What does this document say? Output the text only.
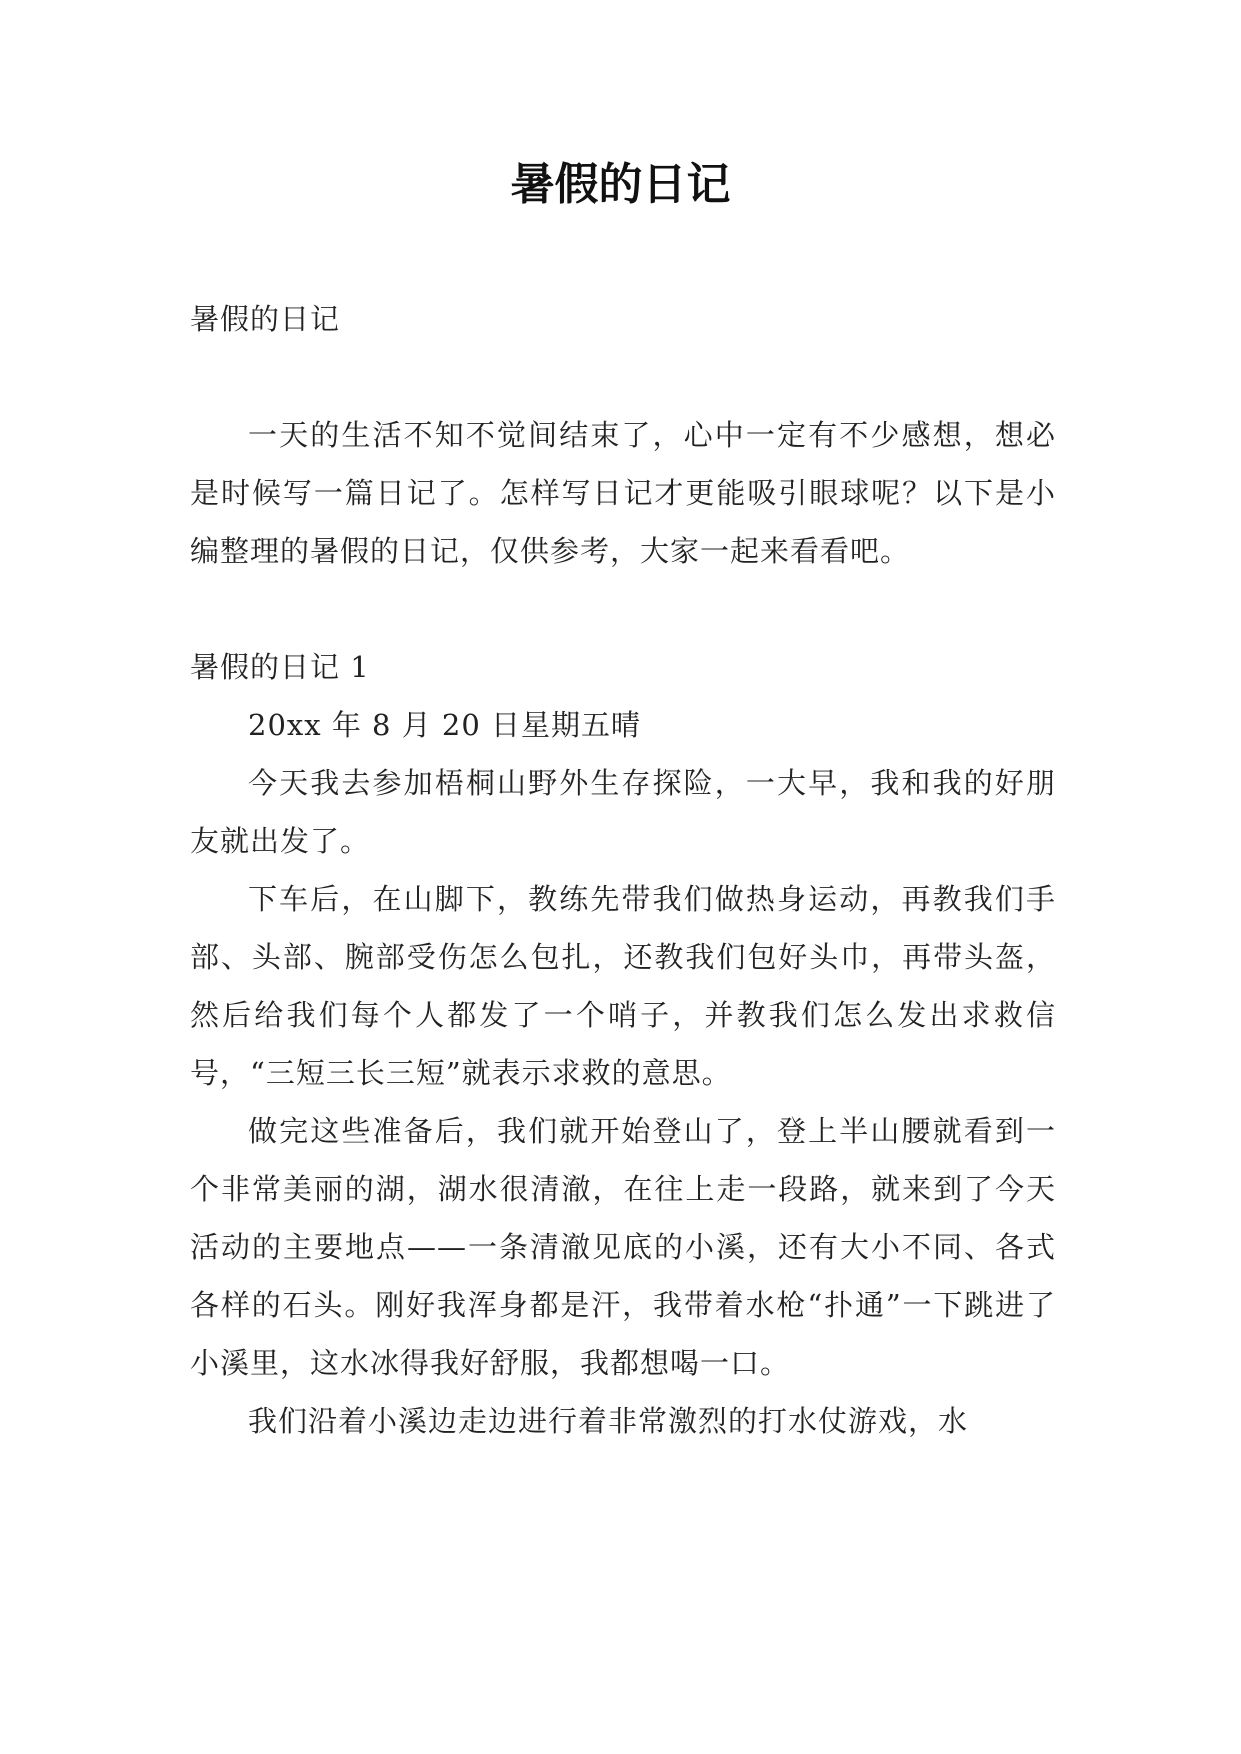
暑假的日记

暑假的日记

一天的生活不知不觉间结束了，心中一定有不少感想，想必是时候写一篇日记了。怎样写日记才更能吸引眼球呢？以下是小编整理的暑假的日记，仅供参考，大家一起来看看吧。

暑假的日记 1

20xx 年 8 月 20 日星期五晴

今天我去参加梧桐山野外生存探险，一大早，我和我的好朋友就出发了。

下车后，在山脚下，教练先带我们做热身运动，再教我们手部、头部、腕部受伤怎么包扎，还教我们包好头巾，再带头盔，然后给我们每个人都发了一个哨子，并教我们怎么发出求救信号，“三短三长三短”就表示求救的意思。

做完这些准备后，我们就开始登山了，登上半山腰就看到一个非常美丽的湖，湖水很清澈，在往上走一段路，就来到了今天活动的主要地点——一条清澈见底的小溪，还有大小不同、各式各样的石头。刚好我浑身都是汗，我带着水枪“扑通”一下跳进了小溪里，这水冰得我好舒服，我都想喝一口。

我们沿着小溪边走边进行着非常激烈的打水仗游戏，水
